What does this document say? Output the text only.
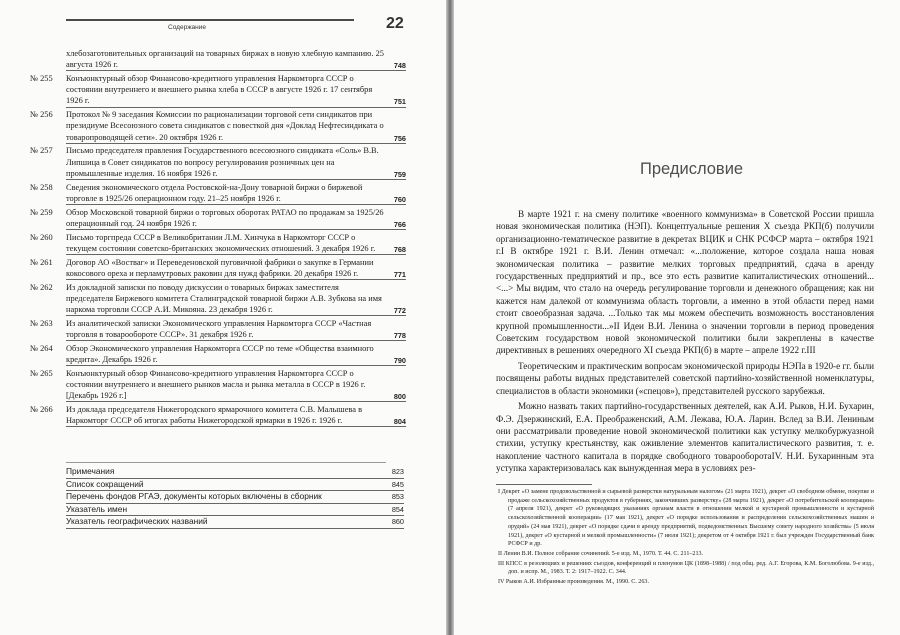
Содержание	22
хлебозаготовительных организаций на товарных биржах в новую хлебную кампанию. 25 августа 1926 г.	748
№ 255	Конъюнктурный обзор Финансово-кредитного управления Наркомторга СССР о состоянии внутреннего и внешнего рынка хлеба в СССР в августе 1926 г. 17 сентября 1926 г.	751
№ 256	Протокол № 9 заседания Комиссии по рационализации торговой сети синдикатов при президиуме Всесоюзного совета синдикатов с повесткой дня «Доклад Нефтесиндиката о товаропроводящей сети». 20 октября 1926 г.	756
№ 257	Письмо председателя правления Государственного всесоюзного синдиката «Соль» В.В. Липшица в Совет синдикатов по вопросу регулирования розничных цен на промышленные изделия. 16 ноября 1926 г.	759
№ 258	Сведения экономического отдела Ростовской-на-Дону товарной биржи о биржевой торговле в 1925/26 операционном году. 21–25 ноября 1926 г.	760
№ 259	Обзор Московской товарной биржи о торговых оборотах РАТАО по продажам за 1925/26 операционный год. 24 ноября 1926 г.	766
№ 260	Письмо торгпреда СССР в Великобритании Л.М. Хинчука в Наркомторг СССР о текущем состоянии советско-британских экономических отношений. 3 декабря 1926 г.	768
№ 261	Договор АО «Востваг» и Переведеновской пуговичной фабрики о закупке в Германии кокосового ореха и перламутровых раковин для нужд фабрики. 20 декабря 1926 г.	771
№ 262	Из докладной записки по поводу дискуссии о товарных биржах заместителя председателя Биржевого комитета Сталинградской товарной биржи А.В. Зубкова на имя наркома торговли СССР А.И. Микояна. 23 декабря 1926 г.	772
№ 263	Из аналитической записки Экономического управления Наркомторга СССР «Частная торговля в товарообороте СССР». 31 декабря 1926 г.	778
№ 264	Обзор Экономического управления Наркомторга СССР по теме «Общества взаимного кредита». Декабрь 1926 г.	790
№ 265	Конъюнктурный обзор Финансово-кредитного управления Наркомторга СССР о состоянии внутреннего и внешнего рынков масла и рынка металла в СССР в 1926 г. [Декабрь 1926 г.]	800
№ 266	Из доклада председателя Нижегородского ярмарочного комитета С.В. Малышева в Наркомторг СССР об итогах работы Нижегородской ярмарки в 1926 г. 1926 г.	804
Примечания	823
Список сокращений	845
Перечень фондов РГАЭ, документы которых включены в сборник	853
Указатель имен	854
Указатель географических названий	860
Предисловие

В марте 1921 г. на смену политике «военного коммунизма» в Советской России пришла новая экономическая политика (НЭП). Концептуальные решения X съезда РКП(б) получили организационно-тематическое развитие в декретах ВЦИК и СНК РСФСР марта – октября 1921 г.I В октябре 1921 г. В.И. Ленин отмечал: «...положение, которое создала наша новая экономическая политика – развитие мелких торговых предприятий, сдача в аренду государственных предприятий и пр., все это есть развитие капиталистических отношений... <...> Мы видим, что стало на очередь регулирование торговли и денежного обращения; как ни кажется нам далекой от коммунизма область торговли, а именно в этой области перед нами стоит своеобразная задача. ...Только так мы можем обеспечить возможность восстановления крупной промышленности...»II Идеи В.И. Ленина о значении торговли в период проведения Советским государством новой экономической политики были закреплены в качестве директивных в решениях очередного XI съезда РКП(б) в марте – апреле 1922 г.III

Теоретическим и практическим вопросам экономической природы НЭПа в 1920-е гг. были посвящены работы видных представителей советской партийно-хозяйственной номенклатуры, специалистов в области экономики («спецов»), представителей русского зарубежья.

Можно назвать таких партийно-государственных деятелей, как А.И. Рыков, Н.И. Бухарин, Ф.Э. Дзержинский, Е.А. Преображенский, А.М. Лежава, Ю.А. Ларин. Вслед за В.И. Лениным они рассматривали проведение новой экономической политики как уступку мелкобуржуазной стихии, уступку крестьянству, как оживление элементов капиталистического развития, т. е. накопление частного капитала в порядке свободного товарооборотаIV. Н.И. Бухаринным эта уступка характеризовалась как вынужденная мера в условиях рез-

I Декрет «О замене продовольственной и сырьевой разверстки натуральным налогом» (21 марта 1921), декрет «О свободном обмене, покупке и продаже сельскохозяйственных продуктов в губерниях, закончивших разверстку» (28 марта 1921), декрет «О потребительской кооперации» (7 апреля 1921), декрет «О руководящих указаниях органам власти в отношении мелкой и кустарной промышленности и кустарной сельскохозяйственной кооперации» (17 мая 1921), декрет «О порядке использования и распределения сельскохозяйственных машин и орудий» (24 мая 1921), декрет «О порядке сдачи в аренду предприятий, подведомственных Высшему совету народного хозяйства» (5 июля 1921), декрет «О кустарной и мелкой промышленности» (7 июля 1921); декретом от 4 октября 1921 г. был учрежден Государственный банк РСФСР и др.

II Ленин В.И. Полное собрание сочинений. 5-е изд. М., 1970. Т. 44. С. 211–213.

III КПСС в резолюциях и решениях съездов, конференций и пленумов ЦК (1898–1988) / под общ. ред. А.Г. Егорова, К.М. Боголюбова. 9-е изд., доп. и испр. М., 1983. Т. 2: 1917–1922. С. 344.

IV Рыков А.И. Избранные произведения. М., 1990. С. 263.
